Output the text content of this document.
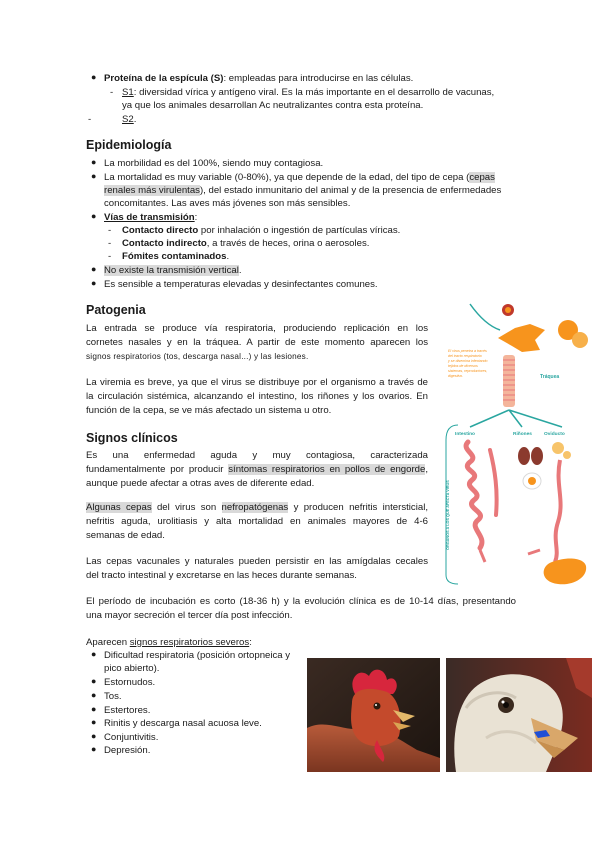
● Proteína de la espícula (S): empleadas para introducirse en las células.
- S1: diversidad vírica y antígeno viral. Es la más importante en el desarrollo de vacunas,
ya que los animales desarrollan Ac neutralizantes contra esta proteína.
-	S2.
Epidemiología
● La morbilidad es del 100%, siendo muy contagiosa.
● La mortalidad es muy variable (0-80%), ya que depende de la edad, del tipo de cepa (cepas
renales más virulentas), del estado inmunitario del animal y de la presencia de enfermedades
concomitantes. Las aves más jóvenes son más sensibles.
● Vías de transmisión:
- Contacto directo por inhalación o ingestión de partículas víricas.
- Contacto indirecto, a través de heces, orina o aerosoles.
- Fómites contaminados.
● No existe la transmisión vertical.
● Es sensible a temperaturas elevadas y desinfectantes comunes.
Patogenia
La entrada se produce vía respiratoria, produciendo replicación en los
cornetes nasales y en la tráquea. A partir de este momento aparecen los
signos respiratorios (tos, descarga nasal...) y las lesiones.
La viremia es breve, ya que el virus se distribuye por el organismo a través de
la circulación sistémica, alcanzando el intestino, los riñones y los ovarios. En
función de la cepa, se ve más afectado un sistema u otro.
Signos clínicos
Es una enfermedad aguda y muy contagiosa, caracterizada
fundamentalmente por producir síntomas respiratorios en pollos de engorde,
aunque puede afectar a otras aves de diferente edad.
Algunas cepas del virus son nefropatógenas y producen nefritis intersticial,
nefritis aguda, urolitiasis y alta mortalidad en animales mayores de 4-6
semanas de edad.
Las cepas vacunales y naturales pueden persistir en las amígdalas cecales
del tracto intestinal y excretarse en las heces durante semanas.
El período de incubación es corto (18-36 h) y la evolución clínica es de 10-14 días, presentando
una mayor secreción el tercer día post infección.
Aparecen signos respiratorios severos:
● Dificultad respiratoria (posición ortopneica y
pico abierto).
● Estornudos.
● Tos.
● Estertores.
● Rinitis y descarga nasal acuosa leve.
● Conjuntivitis.
● Depresión.
El virus penetra a través del tracto respiratorio y se disemina infectando tejidos de diversos sistemas, reproductores, digestivo.	Tráquea
Intestino	Riñones	Oviducto
ÓRGANOS A LOS QUE AFECTA VIRUS
